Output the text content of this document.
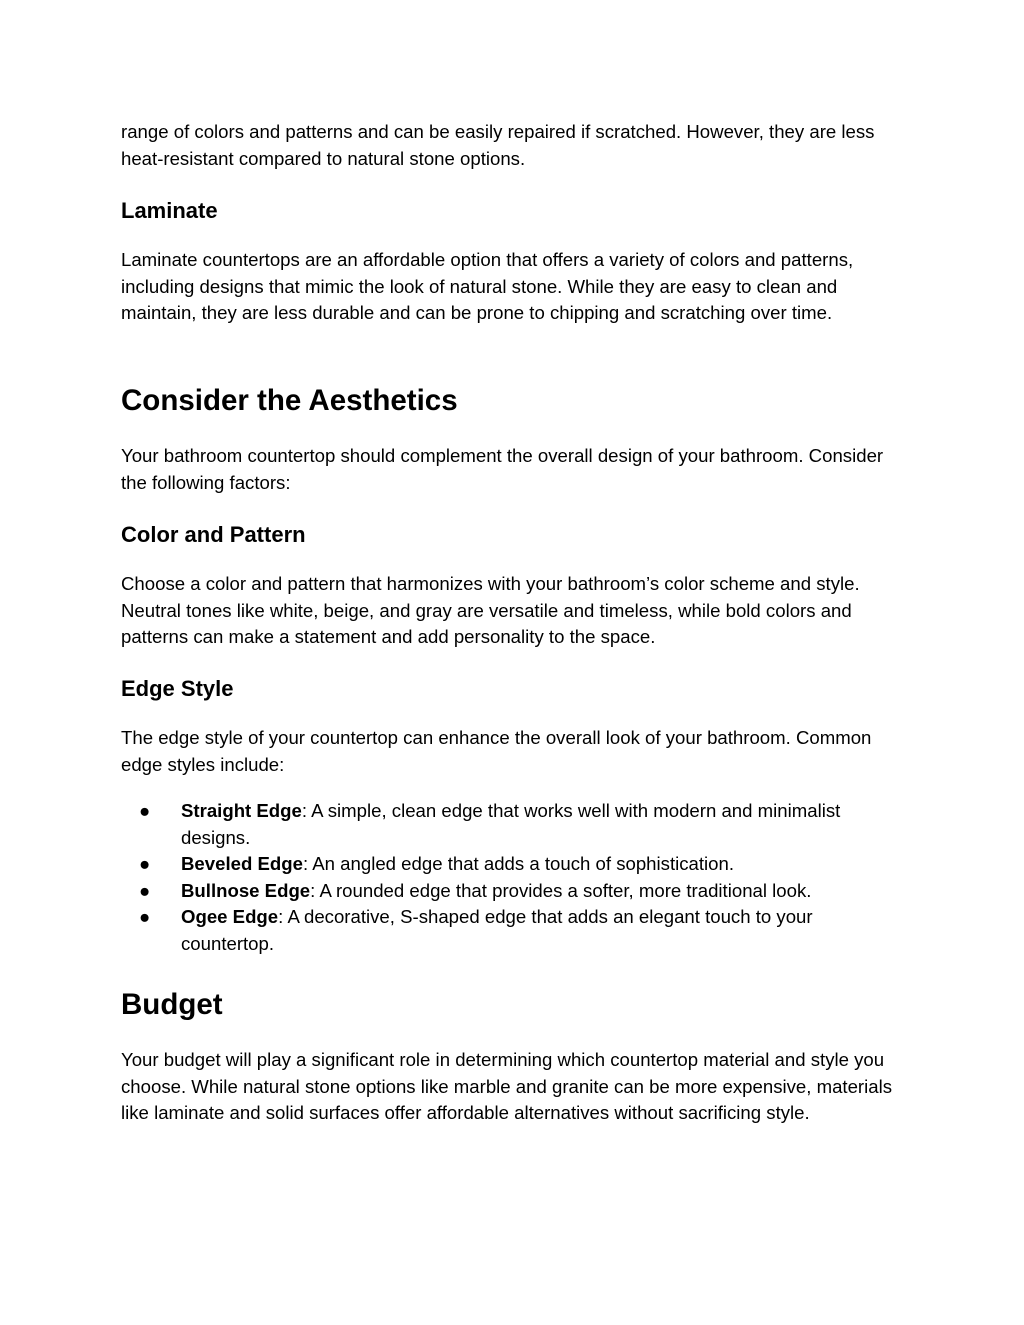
range of colors and patterns and can be easily repaired if scratched. However, they are less heat-resistant compared to natural stone options.

Laminate

Laminate countertops are an affordable option that offers a variety of colors and patterns, including designs that mimic the look of natural stone. While they are easy to clean and maintain, they are less durable and can be prone to chipping and scratching over time.

Consider the Aesthetics

Your bathroom countertop should complement the overall design of your bathroom. Consider the following factors:

Color and Pattern

Choose a color and pattern that harmonizes with your bathroom’s color scheme and style. Neutral tones like white, beige, and gray are versatile and timeless, while bold colors and patterns can make a statement and add personality to the space.

Edge Style

The edge style of your countertop can enhance the overall look of your bathroom. Common edge styles include:

● Straight Edge: A simple, clean edge that works well with modern and minimalist designs.
● Beveled Edge: An angled edge that adds a touch of sophistication.
● Bullnose Edge: A rounded edge that provides a softer, more traditional look.
● Ogee Edge: A decorative, S-shaped edge that adds an elegant touch to your countertop.
Budget

Your budget will play a significant role in determining which countertop material and style you choose. While natural stone options like marble and granite can be more expensive, materials like laminate and solid surfaces offer affordable alternatives without sacrificing style.
